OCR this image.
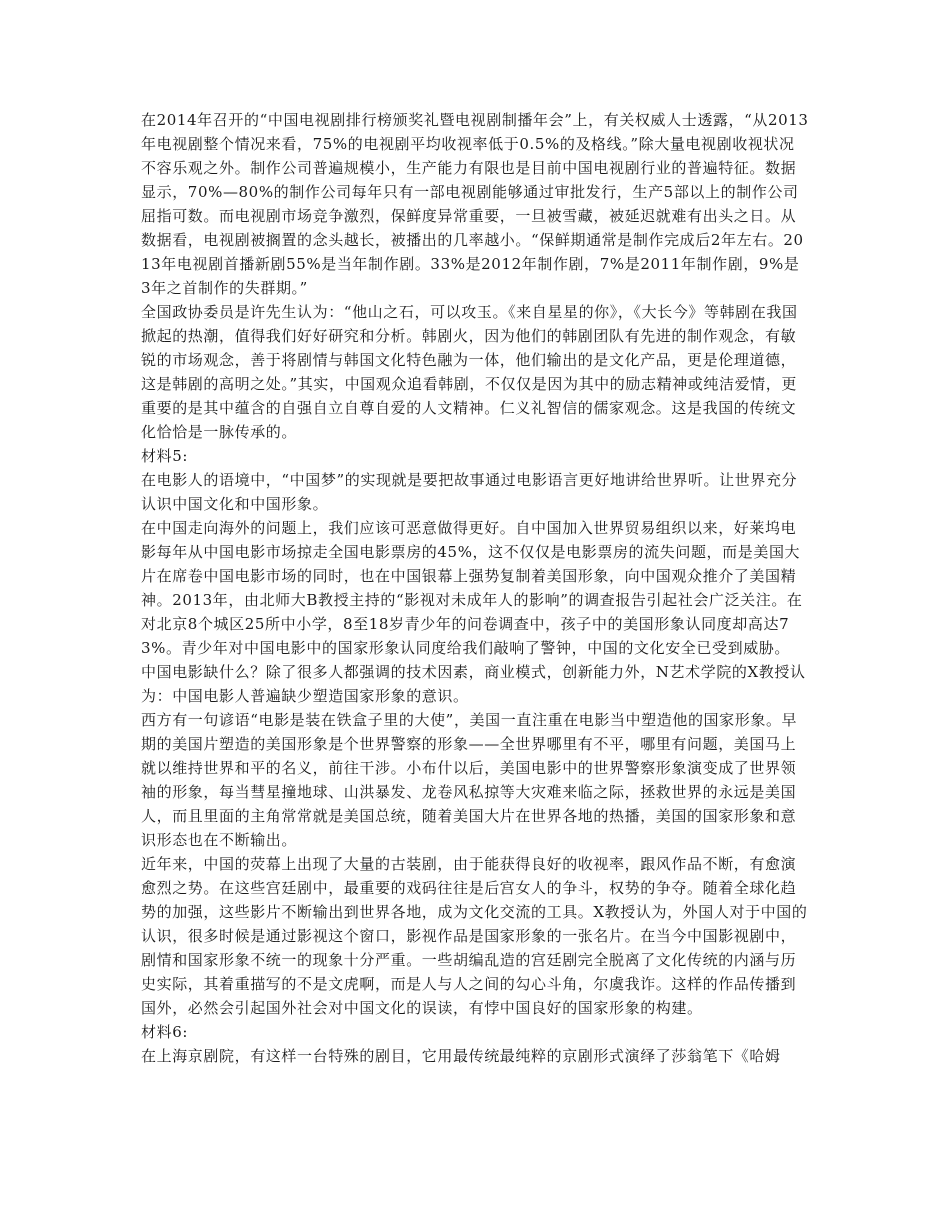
在2014年召开的“中国电视剧排行榜颁奖礼暨电视剧制播年会”上，有关权威人士透露，“从2013年电视剧整个情况来看，75%的电视剧平均收视率低于0.5%的及格线。”除大量电视剧收视状况不容乐观之外。制作公司普遍规模小，生产能力有限也是目前中国电视剧行业的普遍特征。数据显示，70%—80%的制作公司每年只有一部电视剧能够通过审批发行，生产5部以上的制作公司屈指可数。而电视剧市场竞争激烈，保鲜度异常重要，一旦被雪藏，被延迟就难有出头之日。从数据看，电视剧被搁置的念头越长，被播出的几率越小。“保鲜期通常是制作完成后2年左右。2013年电视剧首播新剧55%是当年制作剧。33%是2012年制作剧，7%是2011年制作剧，9%是3年之首制作的失群期。”

全国政协委员是许先生认为：“他山之石，可以攻玉。《来自星星的你》，《大长今》等韩剧在我国掀起的热潮，值得我们好好研究和分析。韩剧火，因为他们的韩剧团队有先进的制作观念，有敏锐的市场观念，善于将剧情与韩国文化特色融为一体，他们输出的是文化产品，更是伦理道德，这是韩剧的高明之处。”其实，中国观众追看韩剧，不仅仅是因为其中的励志精神或纯洁爱情，更重要的是其中蕴含的自强自立自尊自爱的人文精神。仁义礼智信的儒家观念。这是我国的传统文化恰恰是一脉传承的。

材料5:

在电影人的语境中，“中国梦”的实现就是要把故事通过电影语言更好地讲给世界听。让世界充分认识中国文化和中国形象。

在中国走向海外的问题上，我们应该可恶意做得更好。自中国加入世界贸易组织以来，好莱坞电影每年从中国电影市场掠走全国电影票房的45%，这不仅仅是电影票房的流失问题，而是美国大片在席卷中国电影市场的同时，也在中国银幕上强势复制着美国形象，向中国观众推介了美国精神。2013年，由北师大B教授主持的“影视对未成年人的影响”的调查报告引起社会广泛关注。在对北京8个城区25所中小学，8至18岁青少年的问卷调查中，孩子中的美国形象认同度却高达73%。青少年对中国电影中的国家形象认同度给我们敲响了警钟，中国的文化安全已受到威胁。

中国电影缺什么？除了很多人都强调的技术因素，商业模式，创新能力外，N艺术学院的X教授认为：中国电影人普遍缺少塑造国家形象的意识。

西方有一句谚语“电影是装在铁盒子里的大使”，美国一直注重在电影当中塑造他的国家形象。早期的美国片塑造的美国形象是个世界警察的形象——全世界哪里有不平，哪里有问题，美国马上就以维持世界和平的名义，前往干涉。小布什以后，美国电影中的世界警察形象演变成了世界领袖的形象，每当彗星撞地球、山洪暴发、龙卷风私掠等大灾难来临之际，拯救世界的永远是美国人，而且里面的主角常常就是美国总统，随着美国大片在世界各地的热播，美国的国家形象和意识形态也在不断输出。

近年来，中国的荧幕上出现了大量的古装剧，由于能获得良好的收视率，跟风作品不断，有愈演愈烈之势。在这些宫廷剧中，最重要的戏码往往是后宫女人的争斗，权势的争夺。随着全球化趋势的加强，这些影片不断输出到世界各地，成为文化交流的工具。X教授认为，外国人对于中国的认识，很多时候是通过影视这个窗口，影视作品是国家形象的一张名片。在当今中国影视剧中，剧情和国家形象不统一的现象十分严重。一些胡编乱造的宫廷剧完全脱离了文化传统的内涵与历史实际，其着重描写的不是文虎啊，而是人与人之间的勾心斗角，尔虞我诈。这样的作品传播到国外，必然会引起国外社会对中国文化的误读，有悖中国良好的国家形象的构建。

材料6:

在上海京剧院，有这样一台特殊的剧目，它用最传统最纯粹的京剧形式演绎了莎翁笔下《哈姆
